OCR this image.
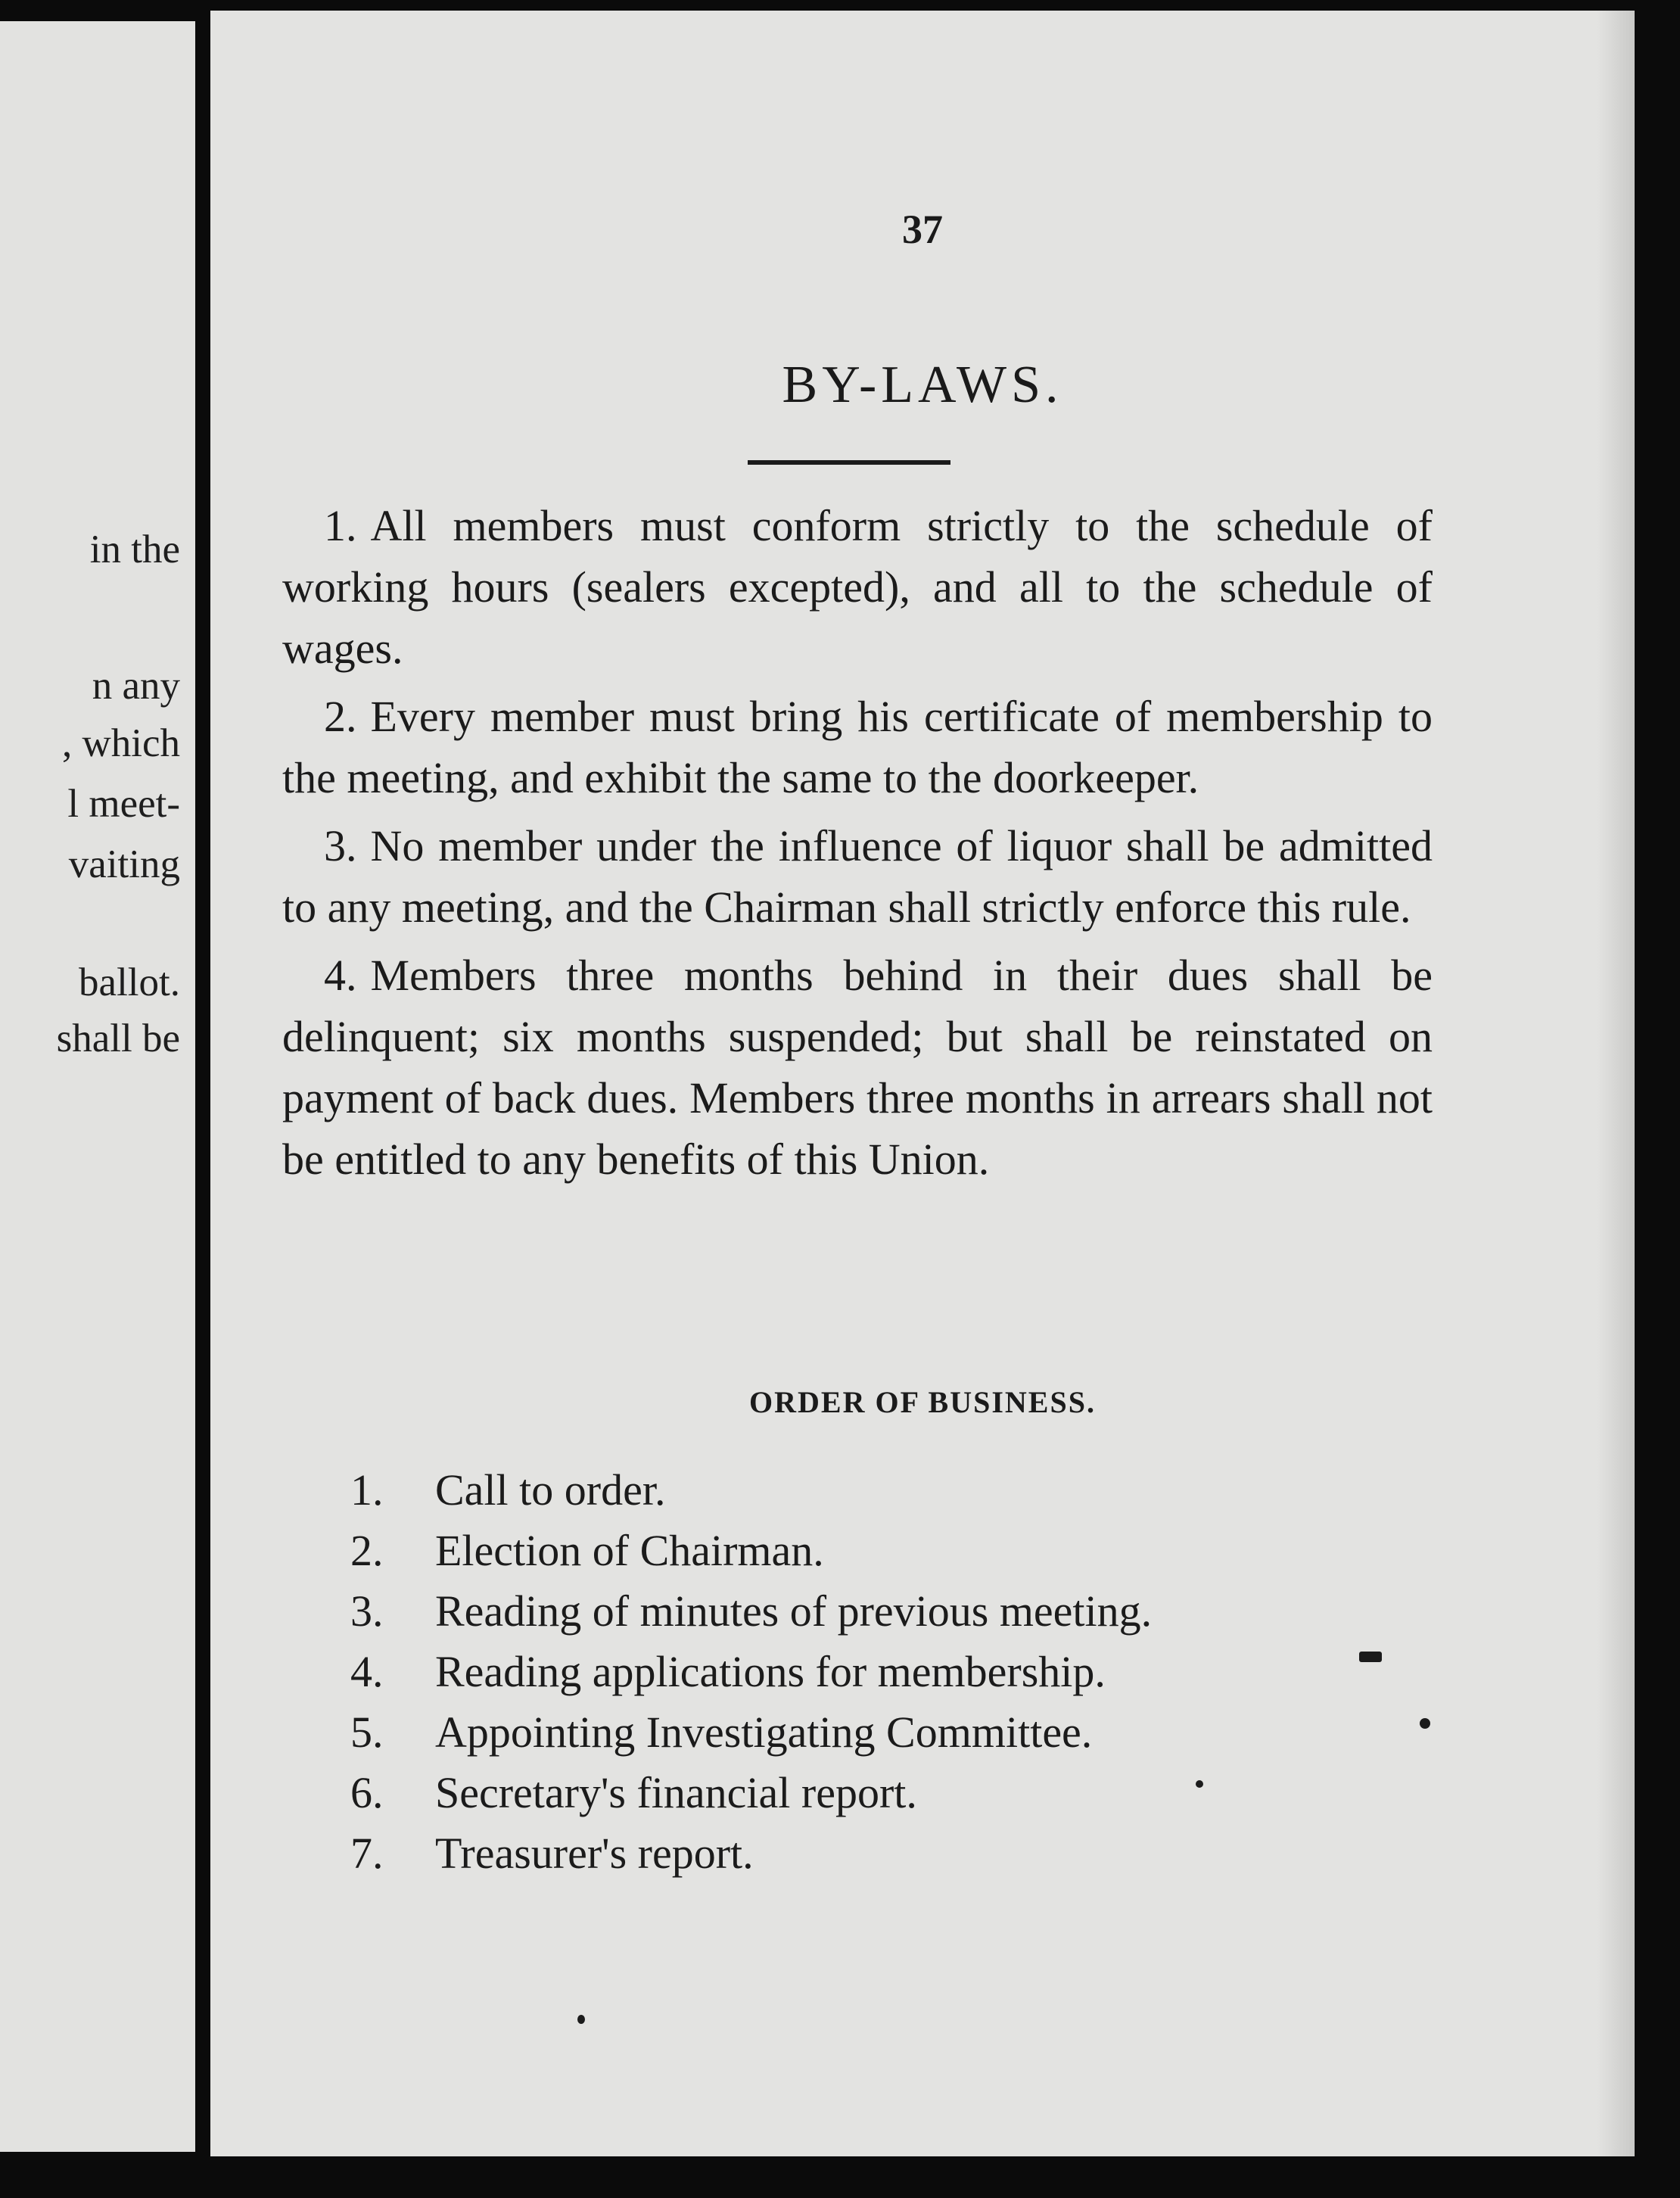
in the
n any
, which
l meet-
vaiting
ballot.
shall be
37
BY-LAWS.

1. All members must conform strictly to the schedule of working hours (sealers excepted), and all to the schedule of wages.

2. Every member must bring his certificate of membership to the meeting, and exhibit the same to the doorkeeper.

3. No member under the influence of liquor shall be admitted to any meeting, and the Chairman shall strictly enforce this rule.

4. Members three months behind in their dues shall be delinquent; six months suspended; but shall be reinstated on payment of back dues. Members three months in arrears shall not be entitled to any benefits of this Union.

ORDER OF BUSINESS.
1. Call to order.
2. Election of Chairman.
3. Reading of minutes of previous meeting.
4. Reading applications for membership.
5. Appointing Investigating Committee.
6. Secretary's financial report.
7. Treasurer's report.
